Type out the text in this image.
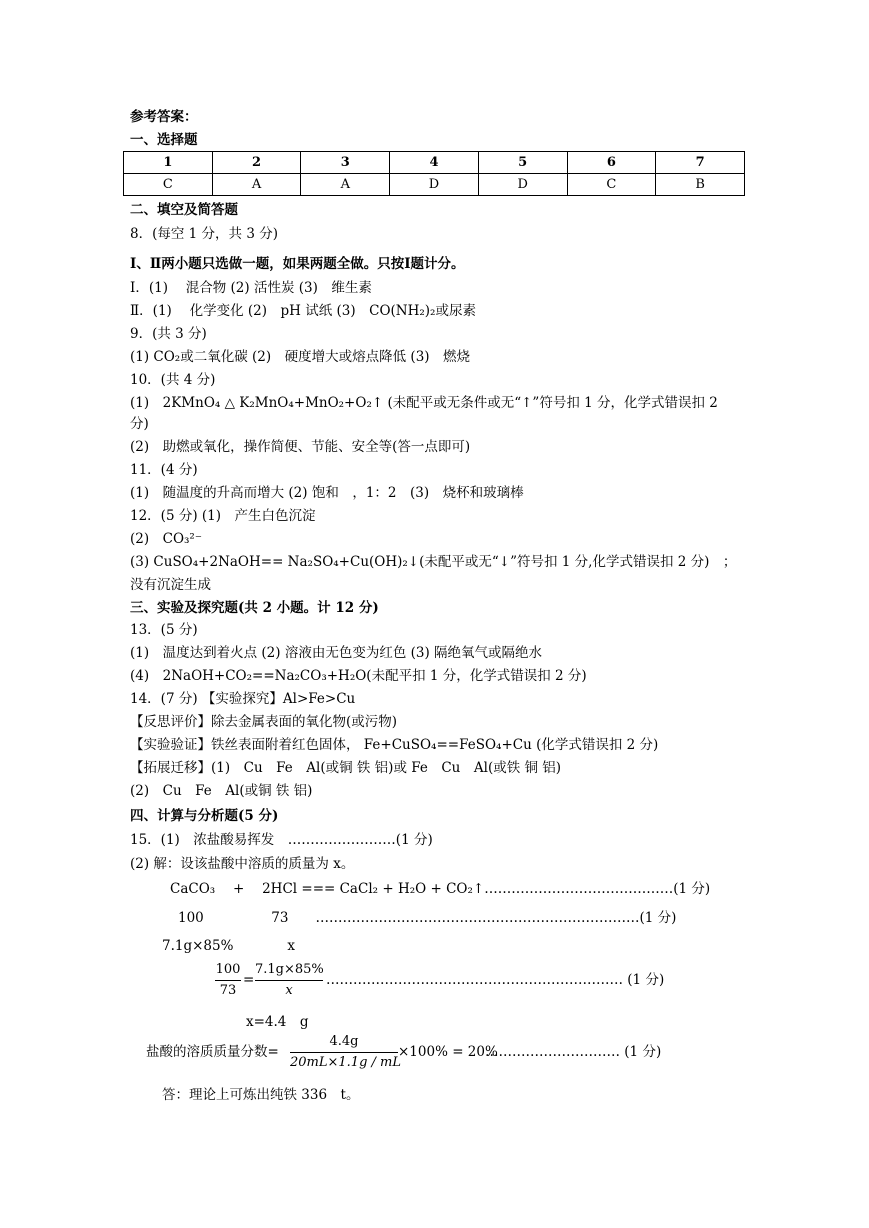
参考答案：
一、选择题
1	2	3	4	5	6	7
C	A	A	D	D	C	B
二、填空及简答题
8．(每空 1 分，共 3 分)
Ⅰ、Ⅱ两小题只选做一题，如果两题全做。只按Ⅰ题计分。
Ⅰ．(1)　 混合物 (2) 活性炭 (3)　维生素
Ⅱ．(1)　 化学变化 (2)　pH 试纸 (3)　CO(NH₂)₂或尿素
9．(共 3 分)
(1) CO₂或二氧化碳 (2)　硬度增大或熔点降低 (3)　燃烧
10．(共 4 分)
(1)　2KMnO₄ △ K₂MnO₄+MnO₂+O₂↑ (未配平或无条件或无“↑”符号扣 1 分，化学式错误扣 2
分)
(2)　助燃或氧化，操作简便、节能、安全等(答一点即可)
11．(4 分)
(1)　随温度的升高而增大 (2) 饱和　，1：2　(3)　烧杯和玻璃棒
12．(5 分) (1)　产生白色沉淀
(2)　CO₃²⁻
(3) CuSO₄+2NaOH== Na₂SO₄+Cu(OH)₂↓(未配平或无“↓”符号扣 1 分,化学式错误扣 2 分)　；
没有沉淀生成
三、实验及探究题(共 2 小题。计 12 分)
13．(5 分)
(1)　温度达到着火点 (2) 溶液由无色变为红色 (3) 隔绝氧气或隔绝水
(4)　2NaOH+CO₂==Na₂CO₃+H₂O(未配平扣 1 分，化学式错误扣 2 分)
14．(7 分) 【实验探究】Al>Fe>Cu
【反思评价】除去金属表面的氧化物(或污物)
【实验验证】铁丝表面附着红色固体， Fe+CuSO₄==FeSO₄+Cu (化学式错误扣 2 分)
【拓展迁移】(1)　Cu　Fe　Al(或铜 铁 铝)或 Fe　Cu　Al(或铁 铜 铝)
(2)　Cu　Fe　Al(或铜 铁 铝)
四、计算与分析题(5 分)
15．(1)　浓盐酸易挥发　……………………(1 分)
(2) 解：设该盐酸中溶质的质量为 x。
CaCO₃　 +　 2HCl === CaCl₂ + H₂O + CO₂↑……………………………………(1 分)
100　　　　　73　　………………………………………………………………(1 分)
7.1g×85%　　　　x
100
73
=
7.1g×85%
x
………………………………………………………… (1 分)
x=4.4　g
盐酸的溶质质量分数=
4.4g
20mL×1.1g / mL
×100% = 20%
………………………… (1 分)
答：理论上可炼出纯铁 336　t。
